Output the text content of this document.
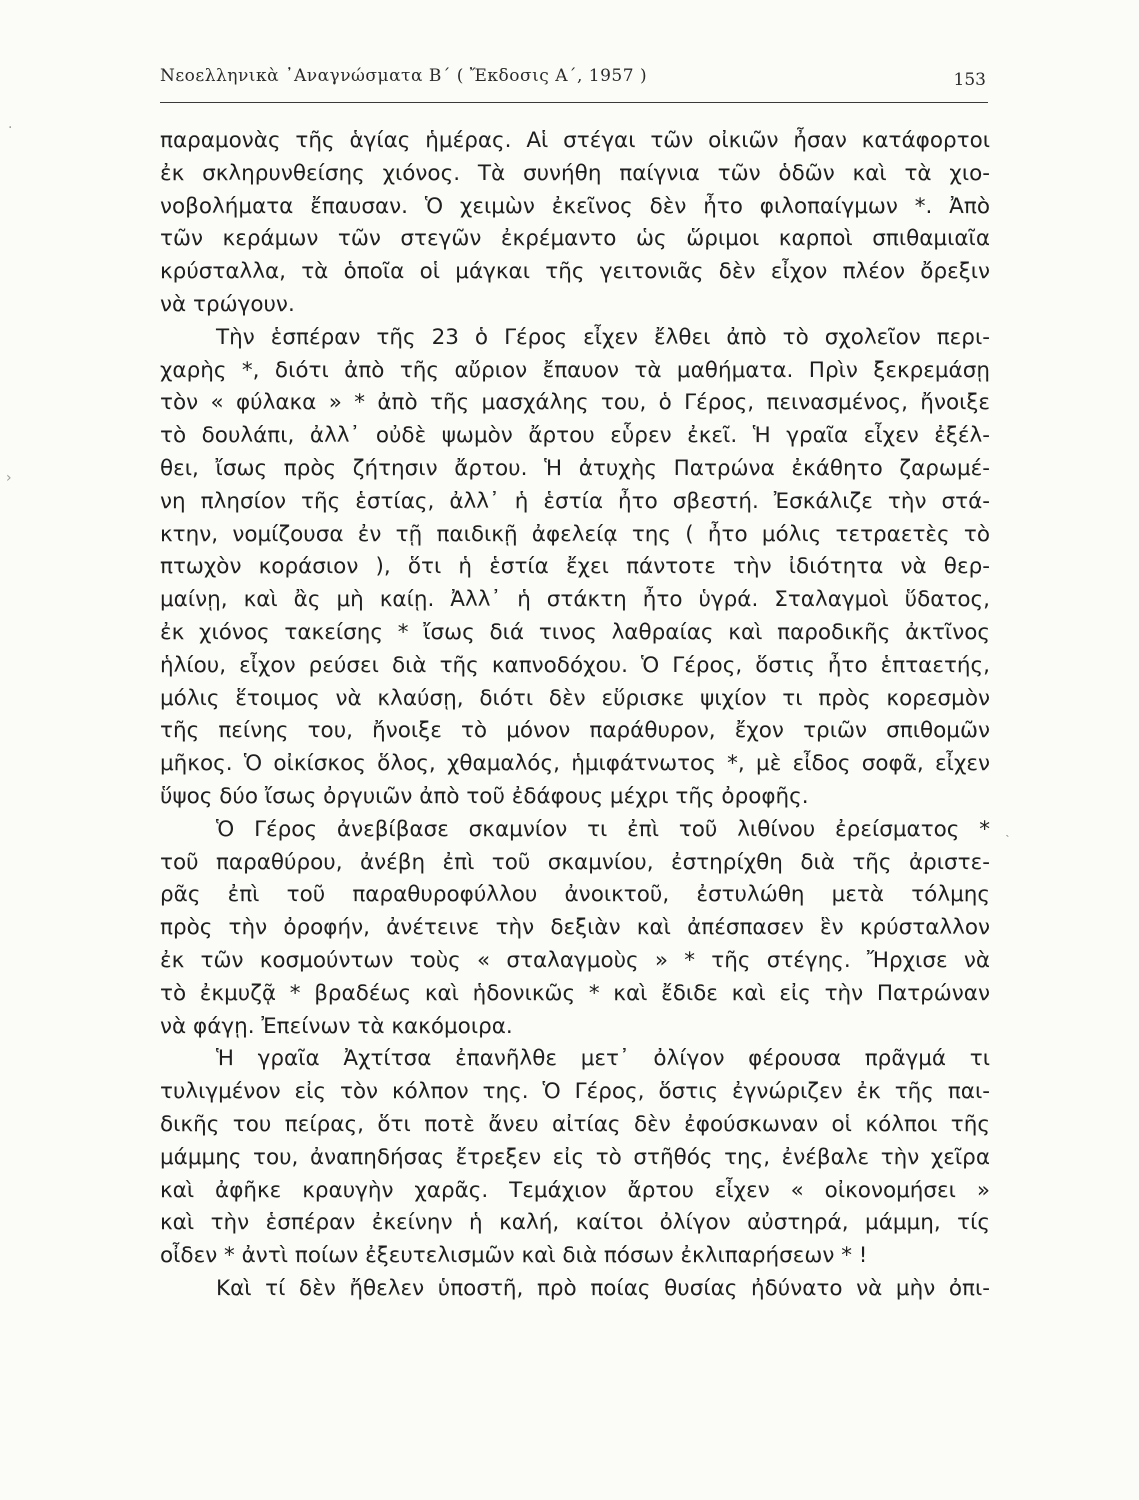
Νεοελληνικὰ ᾿Αναγνώσματα Β΄ ( Ἔκδοσις Α΄, 1957 )	153
παραμονὰς τῆς ἁγίας ἡμέρας. Αἱ στέγαι τῶν οἰκιῶν ἦσαν κατάφορτοι
ἐκ σκληρυνθείσης χιόνος. Τὰ συνήθη παίγνια τῶν ὁδῶν καὶ τὰ χιο-
νοβολήματα ἔπαυσαν. Ὁ χειμὼν ἐκεῖνος δὲν ἦτο φιλοπαίγμων *. Ἀπὸ
τῶν κεράμων τῶν στεγῶν ἐκρέμαντο ὡς ὥριμοι καρποὶ σπιθαμιαῖα
κρύσταλλα, τὰ ὁποῖα οἱ μάγκαι τῆς γειτονιᾶς δὲν εἶχον πλέον ὄρεξιν
νὰ τρώγουν.
Τὴν ἑσπέραν τῆς 23 ὁ Γέρος εἶχεν ἔλθει ἀπὸ τὸ σχολεῖον περι-
χαρὴς *, διότι ἀπὸ τῆς αὔριον ἔπαυον τὰ μαθήματα. Πρὶν ξεκρεμάσῃ
τὸν « φύλακα » * ἀπὸ τῆς μασχάλης του, ὁ Γέρος, πεινασμένος, ἤνοιξε
τὸ δουλάπι, ἀλλ᾿ οὐδὲ ψωμὸν ἄρτου εὗρεν ἐκεῖ. Ἡ γραῖα εἶχεν ἐξέλ-
θει, ἴσως πρὸς ζήτησιν ἄρτου. Ἡ ἀτυχὴς Πατρώνα ἐκάθητο ζαρωμέ-
νη πλησίον τῆς ἑστίας, ἀλλ᾿ ἡ ἑστία ἦτο σβεστή. Ἐσκάλιζε τὴν στά-
κτην, νομίζουσα ἐν τῇ παιδικῇ ἀφελείᾳ της ( ἦτο μόλις τετραετὲς τὸ
πτωχὸν κοράσιον ), ὅτι ἡ ἑστία ἔχει πάντοτε τὴν ἰδιότητα νὰ θερ-
μαίνῃ, καὶ ἂς μὴ καίῃ. Ἀλλ᾿ ἡ στάκτη ἦτο ὑγρά. Σταλαγμοὶ ὕδατος,
ἐκ χιόνος τακείσης * ἴσως διά τινος λαθραίας καὶ παροδικῆς ἀκτῖνος
ἡλίου, εἶχον ρεύσει διὰ τῆς καπνοδόχου. Ὁ Γέρος, ὅστις ἦτο ἑπταετής,
μόλις ἕτοιμος νὰ κλαύσῃ, διότι δὲν εὕρισκε ψιχίον τι πρὸς κορεσμὸν
τῆς πείνης του, ἤνοιξε τὸ μόνον παράθυρον, ἔχον τριῶν σπιθομῶν
μῆκος. Ὁ οἰκίσκος ὅλος, χθαμαλός, ἡμιφάτνωτος *, μὲ εἶδος σοφᾶ, εἶχεν
ὕψος δύο ἴσως ὀργυιῶν ἀπὸ τοῦ ἐδάφους μέχρι τῆς ὀροφῆς.
Ὁ Γέρος ἀνεβίβασε σκαμνίον τι ἐπὶ τοῦ λιθίνου ἐρείσματος *
τοῦ παραθύρου, ἀνέβη ἐπὶ τοῦ σκαμνίου, ἐστηρίχθη διὰ τῆς ἀριστε-
ρᾶς ἐπὶ τοῦ παραθυροφύλλου ἀνοικτοῦ, ἐστυλώθη μετὰ τόλμης
πρὸς τὴν ὀροφήν, ἀνέτεινε τὴν δεξιὰν καὶ ἀπέσπασεν ἓν κρύσταλλον
ἐκ τῶν κοσμούντων τοὺς « σταλαγμοὺς » * τῆς στέγης. Ἤρχισε νὰ
τὸ ἐκμυζᾷ * βραδέως καὶ ἡδονικῶς * καὶ ἔδιδε καὶ εἰς τὴν Πατρώναν
νὰ φάγῃ. Ἐπείνων τὰ κακόμοιρα.
Ἡ γραῖα Ἀχτίτσα ἐπανῆλθε μετ᾿ ὀλίγον φέρουσα πρᾶγμά τι
τυλιγμένον εἰς τὸν κόλπον της. Ὁ Γέρος, ὅστις ἐγνώριζεν ἐκ τῆς παι-
δικῆς του πείρας, ὅτι ποτὲ ἄνευ αἰτίας δὲν ἐφούσκωναν οἱ κόλποι τῆς
μάμμης του, ἀναπηδήσας ἔτρεξεν εἰς τὸ στῆθός της, ἐνέβαλε τὴν χεῖρα
καὶ ἀφῆκε κραυγὴν χαρᾶς. Τεμάχιον ἄρτου εἶχεν « οἰκονομήσει »
καὶ τὴν ἑσπέραν ἐκείνην ἡ καλή, καίτοι ὀλίγον αὐστηρά, μάμμη, τίς
οἶδεν * ἀντὶ ποίων ἐξευτελισμῶν καὶ διὰ πόσων ἐκλιπαρήσεων * !
Καὶ τί δὲν ἤθελεν ὑποστῆ, πρὸ ποίας θυσίας ἠδύνατο νὰ μὴν ὀπι-
·
›
˴
